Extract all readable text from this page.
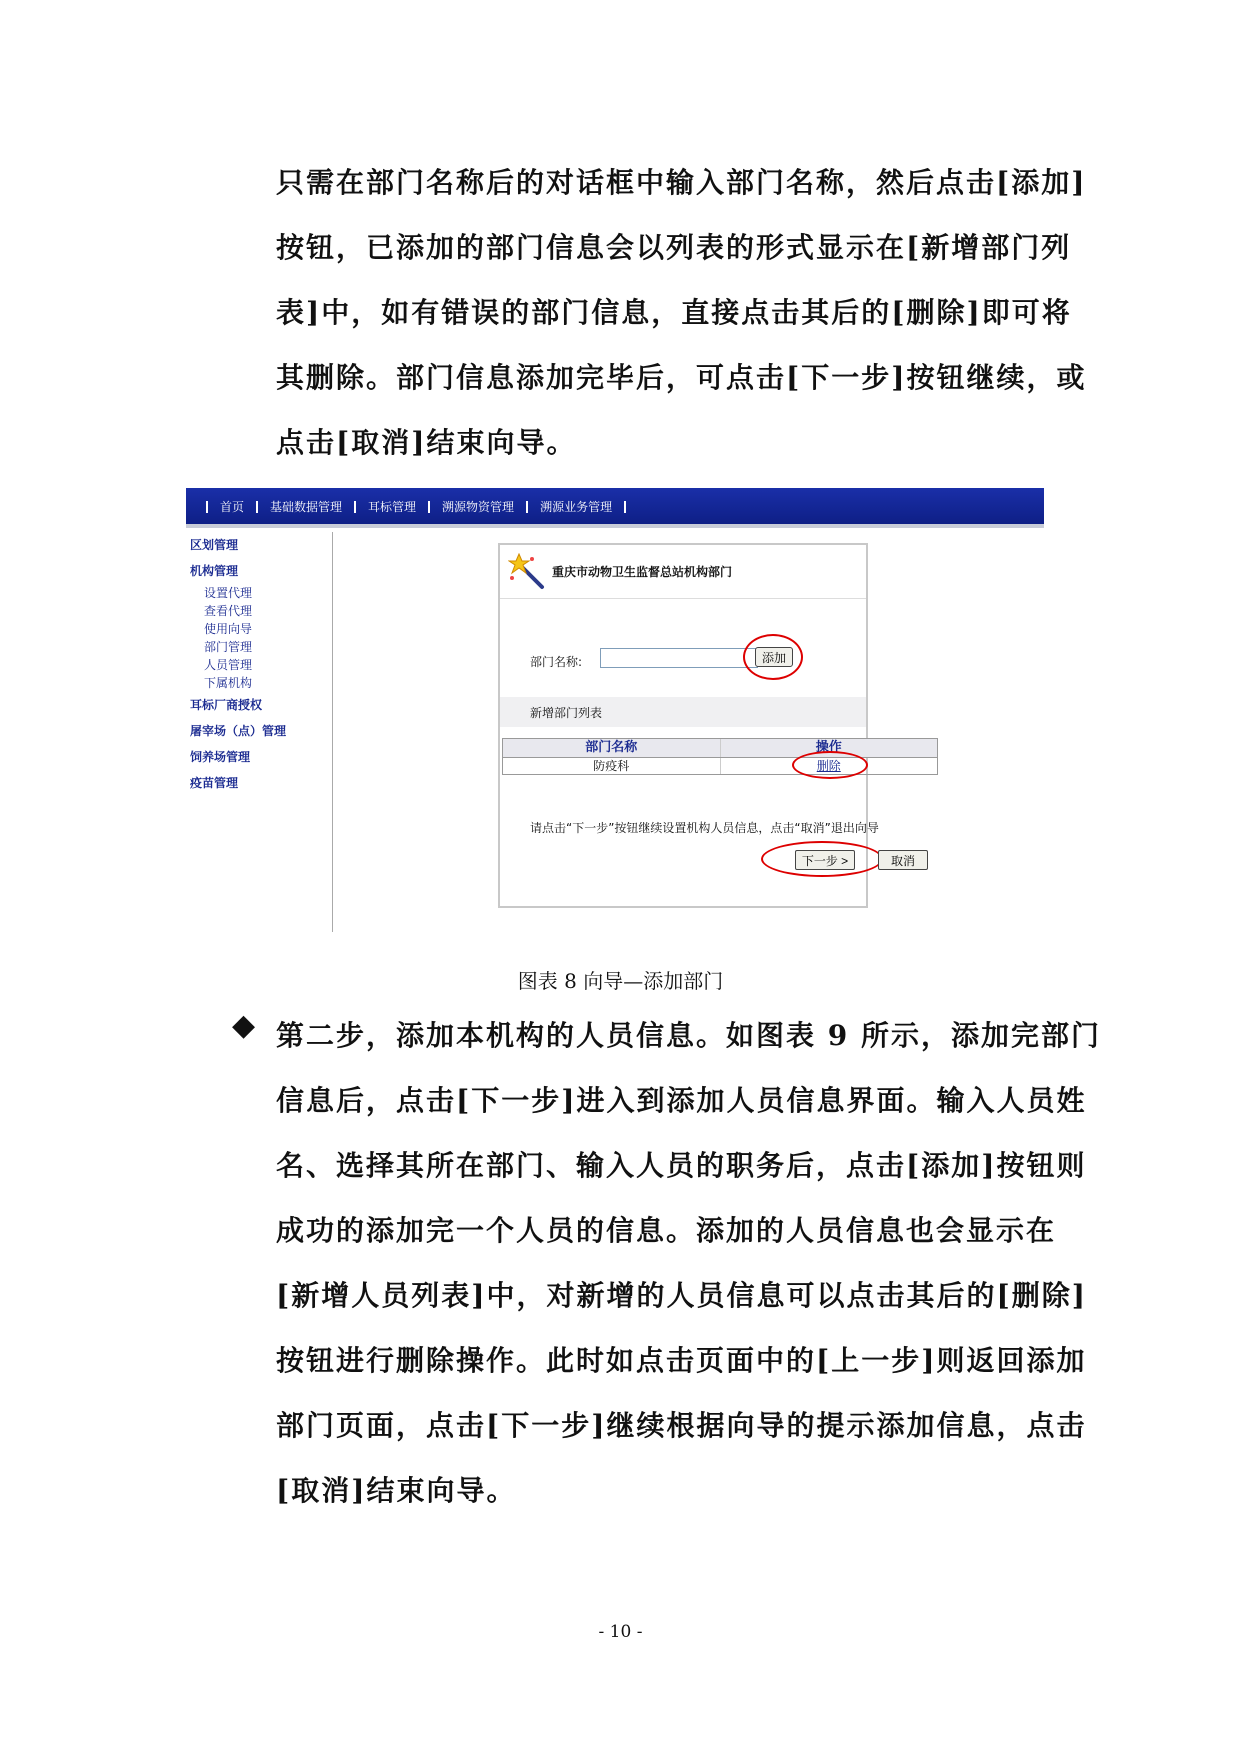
只需在部门名称后的对话框中输入部门名称，然后点击[添加]
按钮，已添加的部门信息会以列表的形式显示在[新增部门列
表]中，如有错误的部门信息，直接点击其后的[删除]即可将
其删除。部门信息添加完毕后，可点击[下一步]按钮继续，或
点击[取消]结束向导。
首页 基础数据管理 耳标管理 溯源物资管理 溯源业务管理
区划管理
机构管理
设置代理
查看代理
使用向导
部门管理
人员管理
下属机构
耳标厂商授权
屠宰场（点）管理
饲养场管理
疫苗管理
重庆市动物卫生监督总站机构部门
部门名称:	添加
新增部门列表
部门名称	操作
防疫科	删除
请点击“下一步”按钮继续设置机构人员信息，点击“取消”退出向导
下一步 >	取消
图表 8 向导—添加部门
◆ 第二步，添加本机构的人员信息。如图表 9 所示，添加完部门
信息后，点击[下一步]进入到添加人员信息界面。输入人员姓
名、选择其所在部门、输入人员的职务后，点击[添加]按钮则
成功的添加完一个人员的信息。添加的人员信息也会显示在
[新增人员列表]中，对新增的人员信息可以点击其后的[删除]
按钮进行删除操作。此时如点击页面中的[上一步]则返回添加
部门页面，点击[下一步]继续根据向导的提示添加信息，点击
[取消]结束向导。
- 10 -
